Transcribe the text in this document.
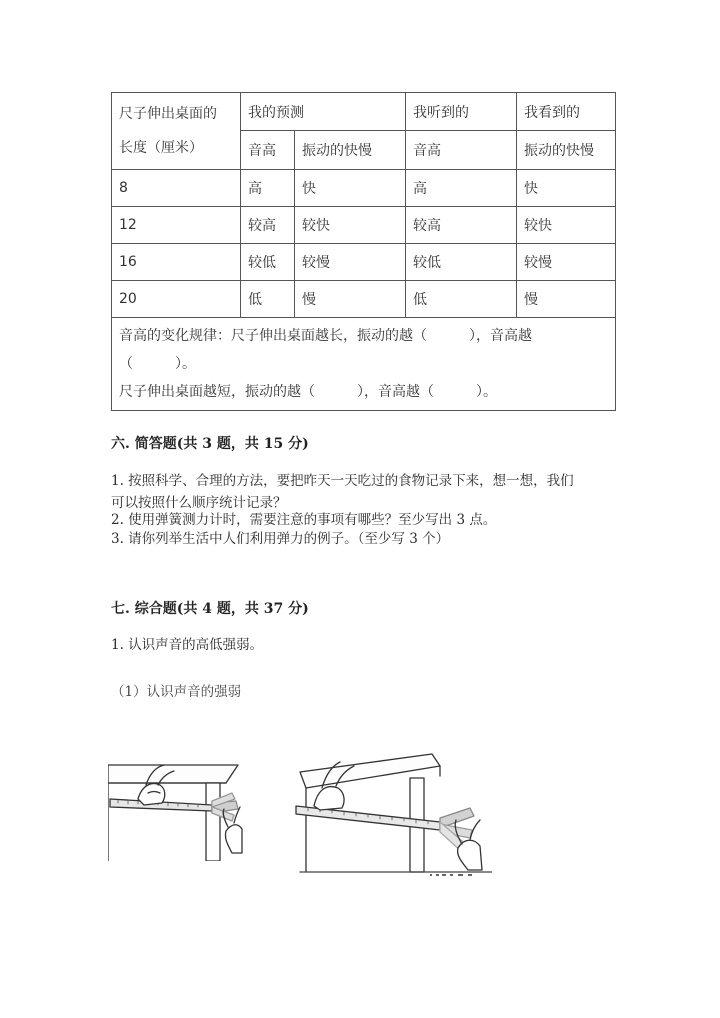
尺子伸出桌面的
长度（厘米）	我的预测		我听到的	我看到的
	音高	振动的快慢	音高	振动的快慢
8	高	快	高	快
12	较高	较快	较高	较快
16	较低	较慢	较低	较慢
20	低	慢	低	慢

音高的变化规律：尺子伸出桌面越长，振动的越（　　　），音高越（　　　）。
尺子伸出桌面越短，振动的越（　　　），音高越（　　　）。				
六. 简答题(共 3 题，共 15 分)
1. 按照科学、合理的方法，要把昨天一天吃过的食物记录下来，想一想，我们
可以按照什么顺序统计记录？
2. 使用弹簧测力计时，需要注意的事项有哪些？至少写出 3 点。
3. 请你列举生活中人们利用弹力的例子。（至少写 3 个）
七. 综合题(共 4 题，共 37 分)
1. 认识声音的高低强弱。
（1）认识声音的强弱
